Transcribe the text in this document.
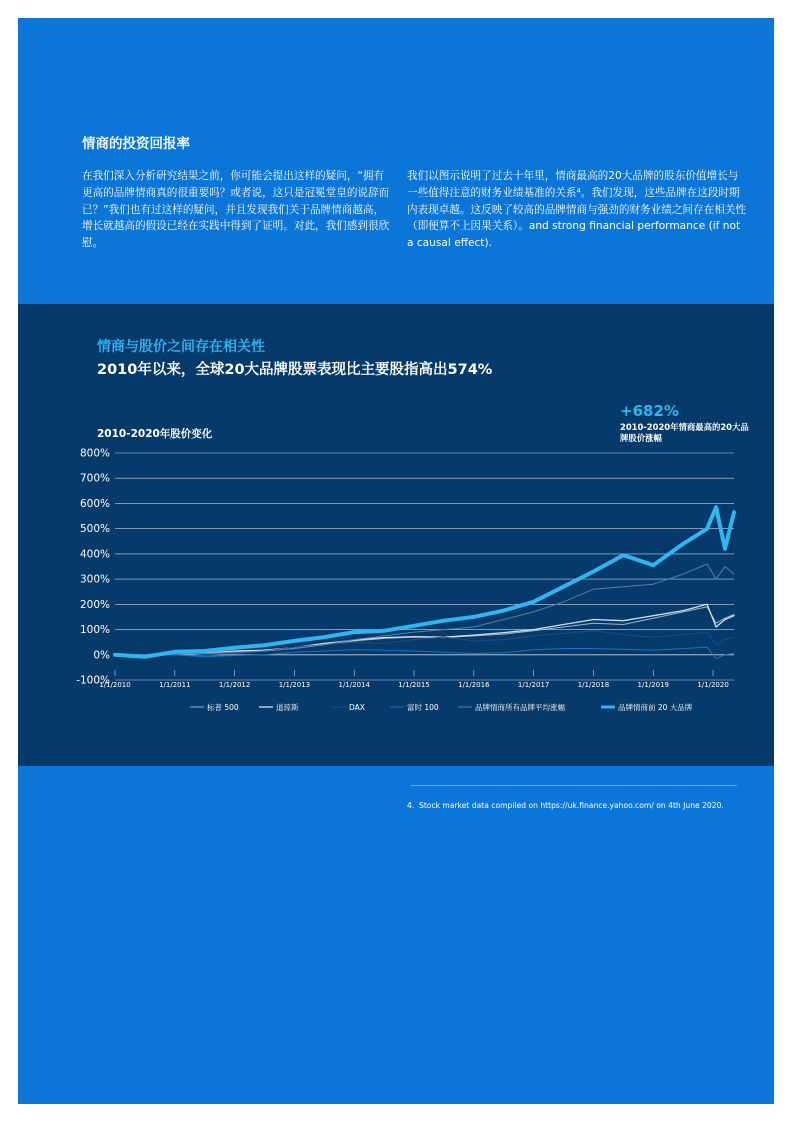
情商的投资回报率

在我们深入分析研究结果之前，你可能会提出这样的疑问，“拥有更高的品牌情商真的很重要吗？或者说，这只是冠冕堂皇的说辞而已？”我们也有过这样的疑问，并且发现我们关于品牌情商越高，增长就越高的假设已经在实践中得到了证明。对此，我们感到很欣慰。

我们以图示说明了过去十年里，情商最高的20大品牌的股东价值增长与一些值得注意的财务业绩基准的关系⁴。我们发现，这些品牌在这段时期内表现卓越。这反映了较高的品牌情商与强劲的财务业绩之间存在相关性（即便算不上因果关系）。and strong financial performance (if not a causal effect).

情商与股价之间存在相关性
2010年以来，全球20大品牌股票表现比主要股指高出574%

2010-2020年股价变化

+682%

2010-2020年情商最高的20大品牌股价涨幅

800%
700%
600%
500%
400%
300%
200%
100%
0%
-100%
1/1/2010	1/1/2011	1/1/2012	1/1/2013	1/1/2014	1/1/2015	1/1/2016	1/1/2017	1/1/2018	1/1/2019	1/1/2020
标普 500	道琼斯	DAX	富时 100	品牌情商所有品牌平均涨幅	品牌情商前 20 大品牌

4. Stock market data compiled on https://uk.finance.yahoo.com/ on 4th June 2020.
